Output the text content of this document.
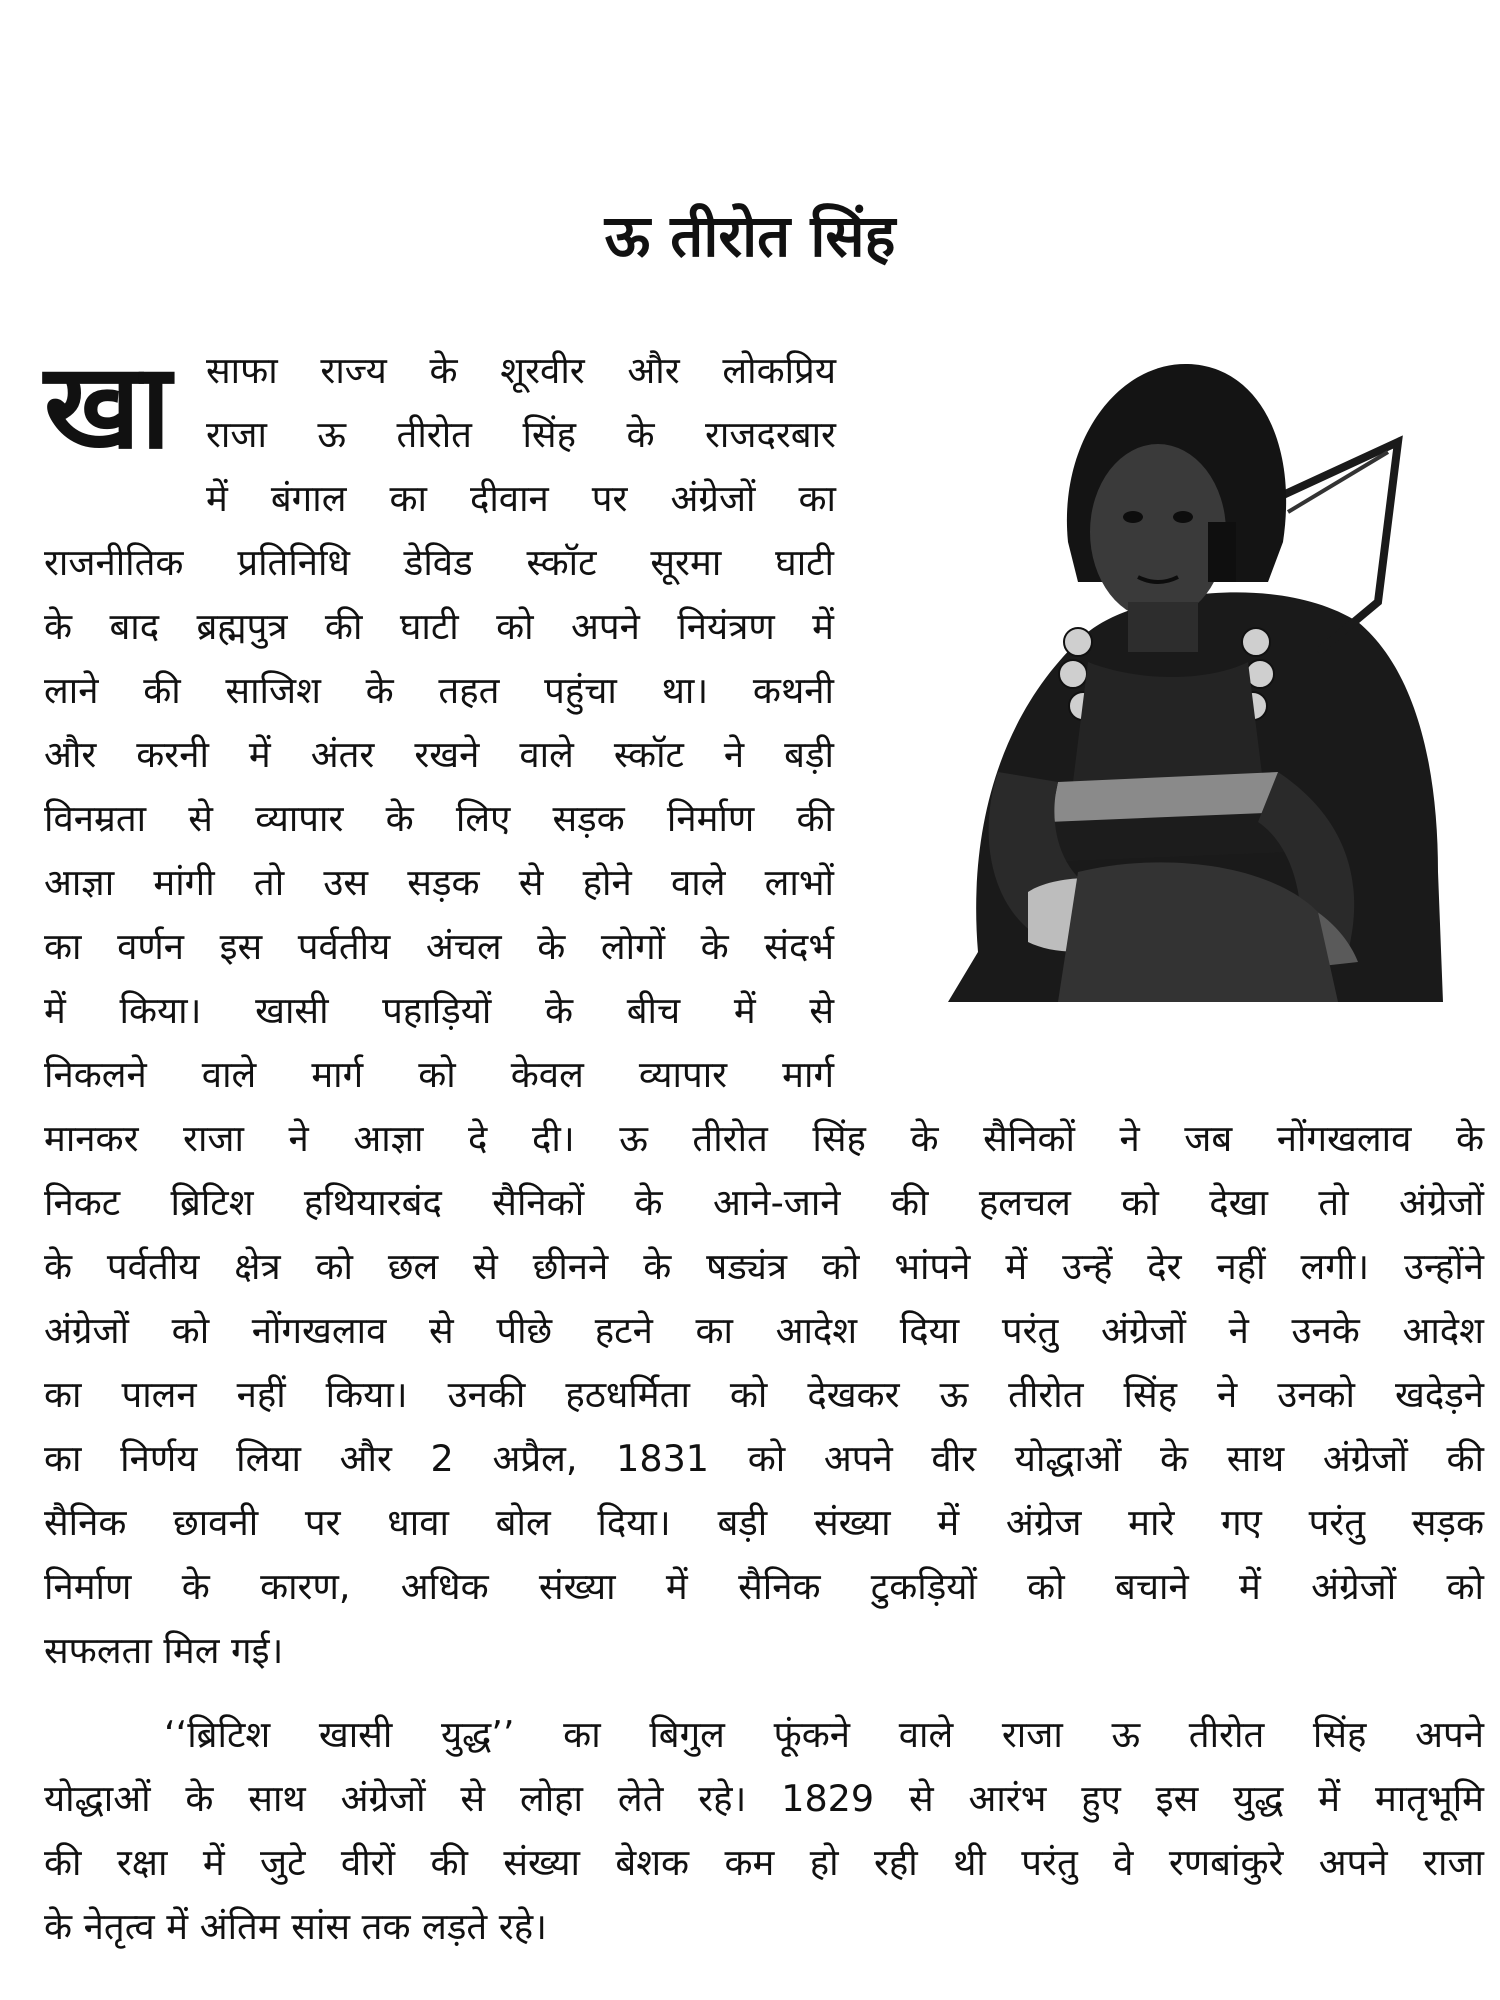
ऊ तीरोत सिंह
खा साफा राज्य के शूरवीर और लोकप्रिय
राजा ऊ तीरोत सिंह के राजदरबार
में बंगाल का दीवान पर अंग्रेजों का
राजनीतिक प्रतिनिधि डेविड स्कॉट सूरमा घाटी
के बाद ब्रह्मपुत्र की घाटी को अपने नियंत्रण में
लाने की साजिश के तहत पहुंचा था। कथनी
और करनी में अंतर रखने वाले स्कॉट ने बड़ी
विनम्रता से व्यापार के लिए सड़क निर्माण की
आज्ञा मांगी तो उस सड़क से होने वाले लाभों
का वर्णन इस पर्वतीय अंचल के लोगों के संदर्भ
में किया। खासी पहाड़ियों के बीच में से
निकलने वाले मार्ग को केवल व्यापार मार्ग
मानकर राजा ने आज्ञा दे दी। ऊ तीरोत सिंह के सैनिकों ने जब नोंगखलाव के
निकट ब्रिटिश हथियारबंद सैनिकों के आने-जाने की हलचल को देखा तो अंग्रेजों
के पर्वतीय क्षेत्र को छल से छीनने के षड्यंत्र को भांपने में उन्हें देर नहीं लगी। उन्होंने
अंग्रेजों को नोंगखलाव से पीछे हटने का आदेश दिया परंतु अंग्रेजों ने उनके आदेश
का पालन नहीं किया। उनकी हठधर्मिता को देखकर ऊ तीरोत सिंह ने उनको खदेड़ने
का निर्णय लिया और 2 अप्रैल, 1831 को अपने वीर योद्धाओं के साथ अंग्रेजों की
सैनिक छावनी पर धावा बोल दिया। बड़ी संख्या में अंग्रेज मारे गए परंतु सड़क
निर्माण के कारण, अधिक संख्या में सैनिक टुकड़ियों को बचाने में अंग्रेजों को
सफलता मिल गई।
‘‘ब्रिटिश खासी युद्ध’’ का बिगुल फूंकने वाले राजा ऊ तीरोत सिंह अपने
योद्धाओं के साथ अंग्रेजों से लोहा लेते रहे। 1829 से आरंभ हुए इस युद्ध में मातृभूमि
की रक्षा में जुटे वीरों की संख्या बेशक कम हो रही थी परंतु वे रणबांकुरे अपने राजा
के नेतृत्व में अंतिम सांस तक लड़ते रहे।
